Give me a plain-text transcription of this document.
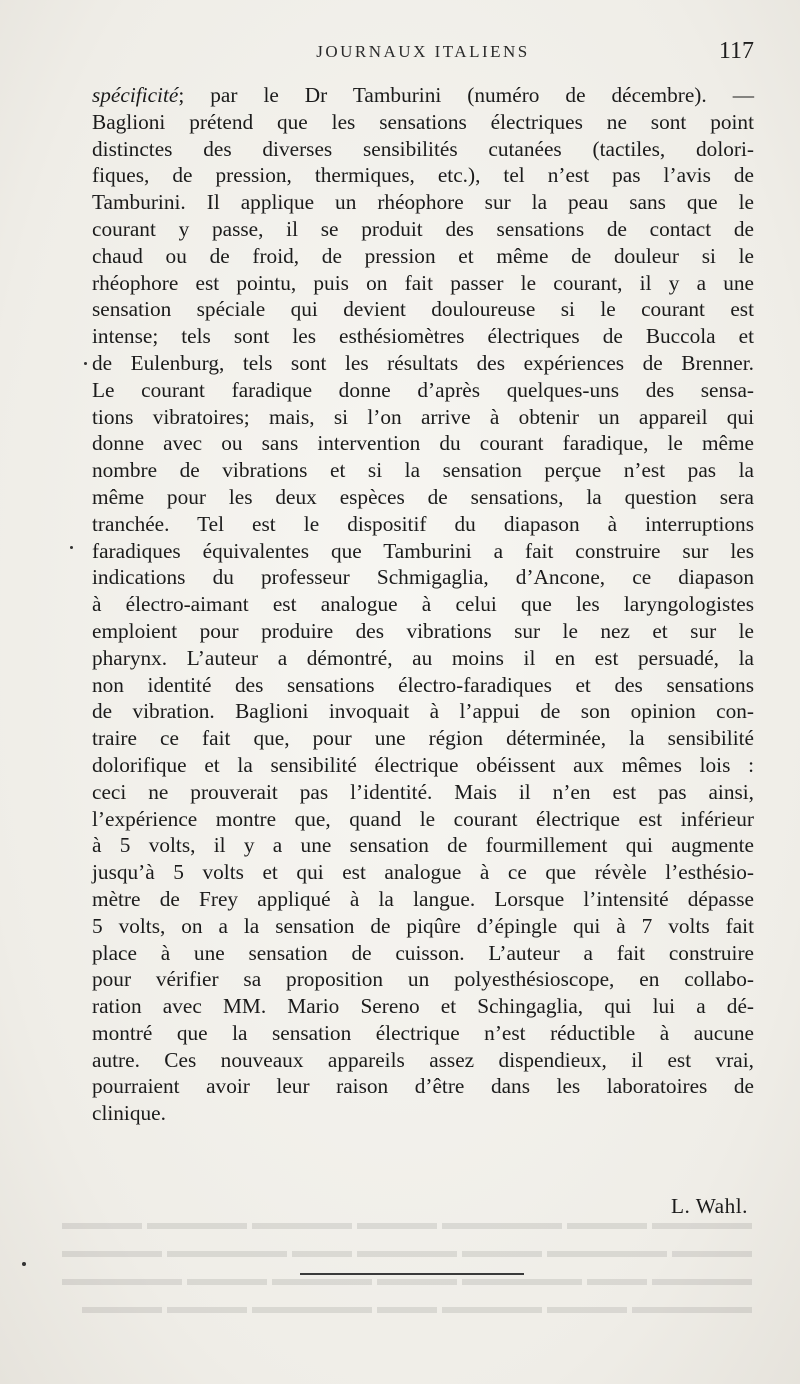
JOURNAUX ITALIENS	117
spécificité; par le Dr Tamburini (numéro de décembre). —
Baglioni prétend que les sensations électriques ne sont point
distinctes des diverses sensibilités cutanées (tactiles, dolori-
fiques, de pression, thermiques, etc.), tel n’est pas l’avis de
Tamburini. Il applique un rhéophore sur la peau sans que le
courant y passe, il se produit des sensations de contact de
chaud ou de froid, de pression et même de douleur si le
rhéophore est pointu, puis on fait passer le courant, il y a une
sensation spéciale qui devient douloureuse si le courant est
intense; tels sont les esthésiomètres électriques de Buccola et
de Eulenburg, tels sont les résultats des expériences de Brenner.
Le courant faradique donne d’après quelques-uns des sensa-
tions vibratoires; mais, si l’on arrive à obtenir un appareil qui
donne avec ou sans intervention du courant faradique, le même
nombre de vibrations et si la sensation perçue n’est pas la
même pour les deux espèces de sensations, la question sera
tranchée. Tel est le dispositif du diapason à interruptions
faradiques équivalentes que Tamburini a fait construire sur les
indications du professeur Schmigaglia, d’Ancone, ce diapason
à électro-aimant est analogue à celui que les laryngologistes
emploient pour produire des vibrations sur le nez et sur le
pharynx. L’auteur a démontré, au moins il en est persuadé, la
non identité des sensations électro-faradiques et des sensations
de vibration. Baglioni invoquait à l’appui de son opinion con-
traire ce fait que, pour une région déterminée, la sensibilité
dolorifique et la sensibilité électrique obéissent aux mêmes lois :
ceci ne prouverait pas l’identité. Mais il n’en est pas ainsi,
l’expérience montre que, quand le courant électrique est inférieur
à 5 volts, il y a une sensation de fourmillement qui augmente
jusqu’à 5 volts et qui est analogue à ce que révèle l’esthésio-
mètre de Frey appliqué à la langue. Lorsque l’intensité dépasse
5 volts, on a la sensation de piqûre d’épingle qui à 7 volts fait
place à une sensation de cuisson. L’auteur a fait construire
pour vérifier sa proposition un polyesthésioscope, en collabo-
ration avec MM. Mario Sereno et Schingaglia, qui lui a dé-
montré que la sensation électrique n’est réductible à aucune
autre. Ces nouveaux appareils assez dispendieux, il est vrai,
pourraient avoir leur raison d’être dans les laboratoires de
clinique.
L. Wahl.
▬▬▬▬▬ ▬▬▬▬ ▬▬▬▬▬▬ ▬▬▬▬ ▬▬▬▬▬ ▬▬▬▬▬ ▬▬▬▬
▬▬▬▬ ▬▬▬▬▬▬ ▬▬▬▬ ▬▬▬▬▬ ▬▬▬ ▬▬▬▬▬▬ ▬▬▬▬▬
▬▬▬▬▬ ▬▬▬ ▬▬▬▬▬▬ ▬▬▬▬ ▬▬▬▬▬ ▬▬▬▬ ▬▬▬▬▬▬
▬▬▬▬▬▬ ▬▬▬▬ ▬▬▬▬▬ ▬▬▬ ▬▬▬▬▬▬ ▬▬▬▬ ▬▬▬▬
